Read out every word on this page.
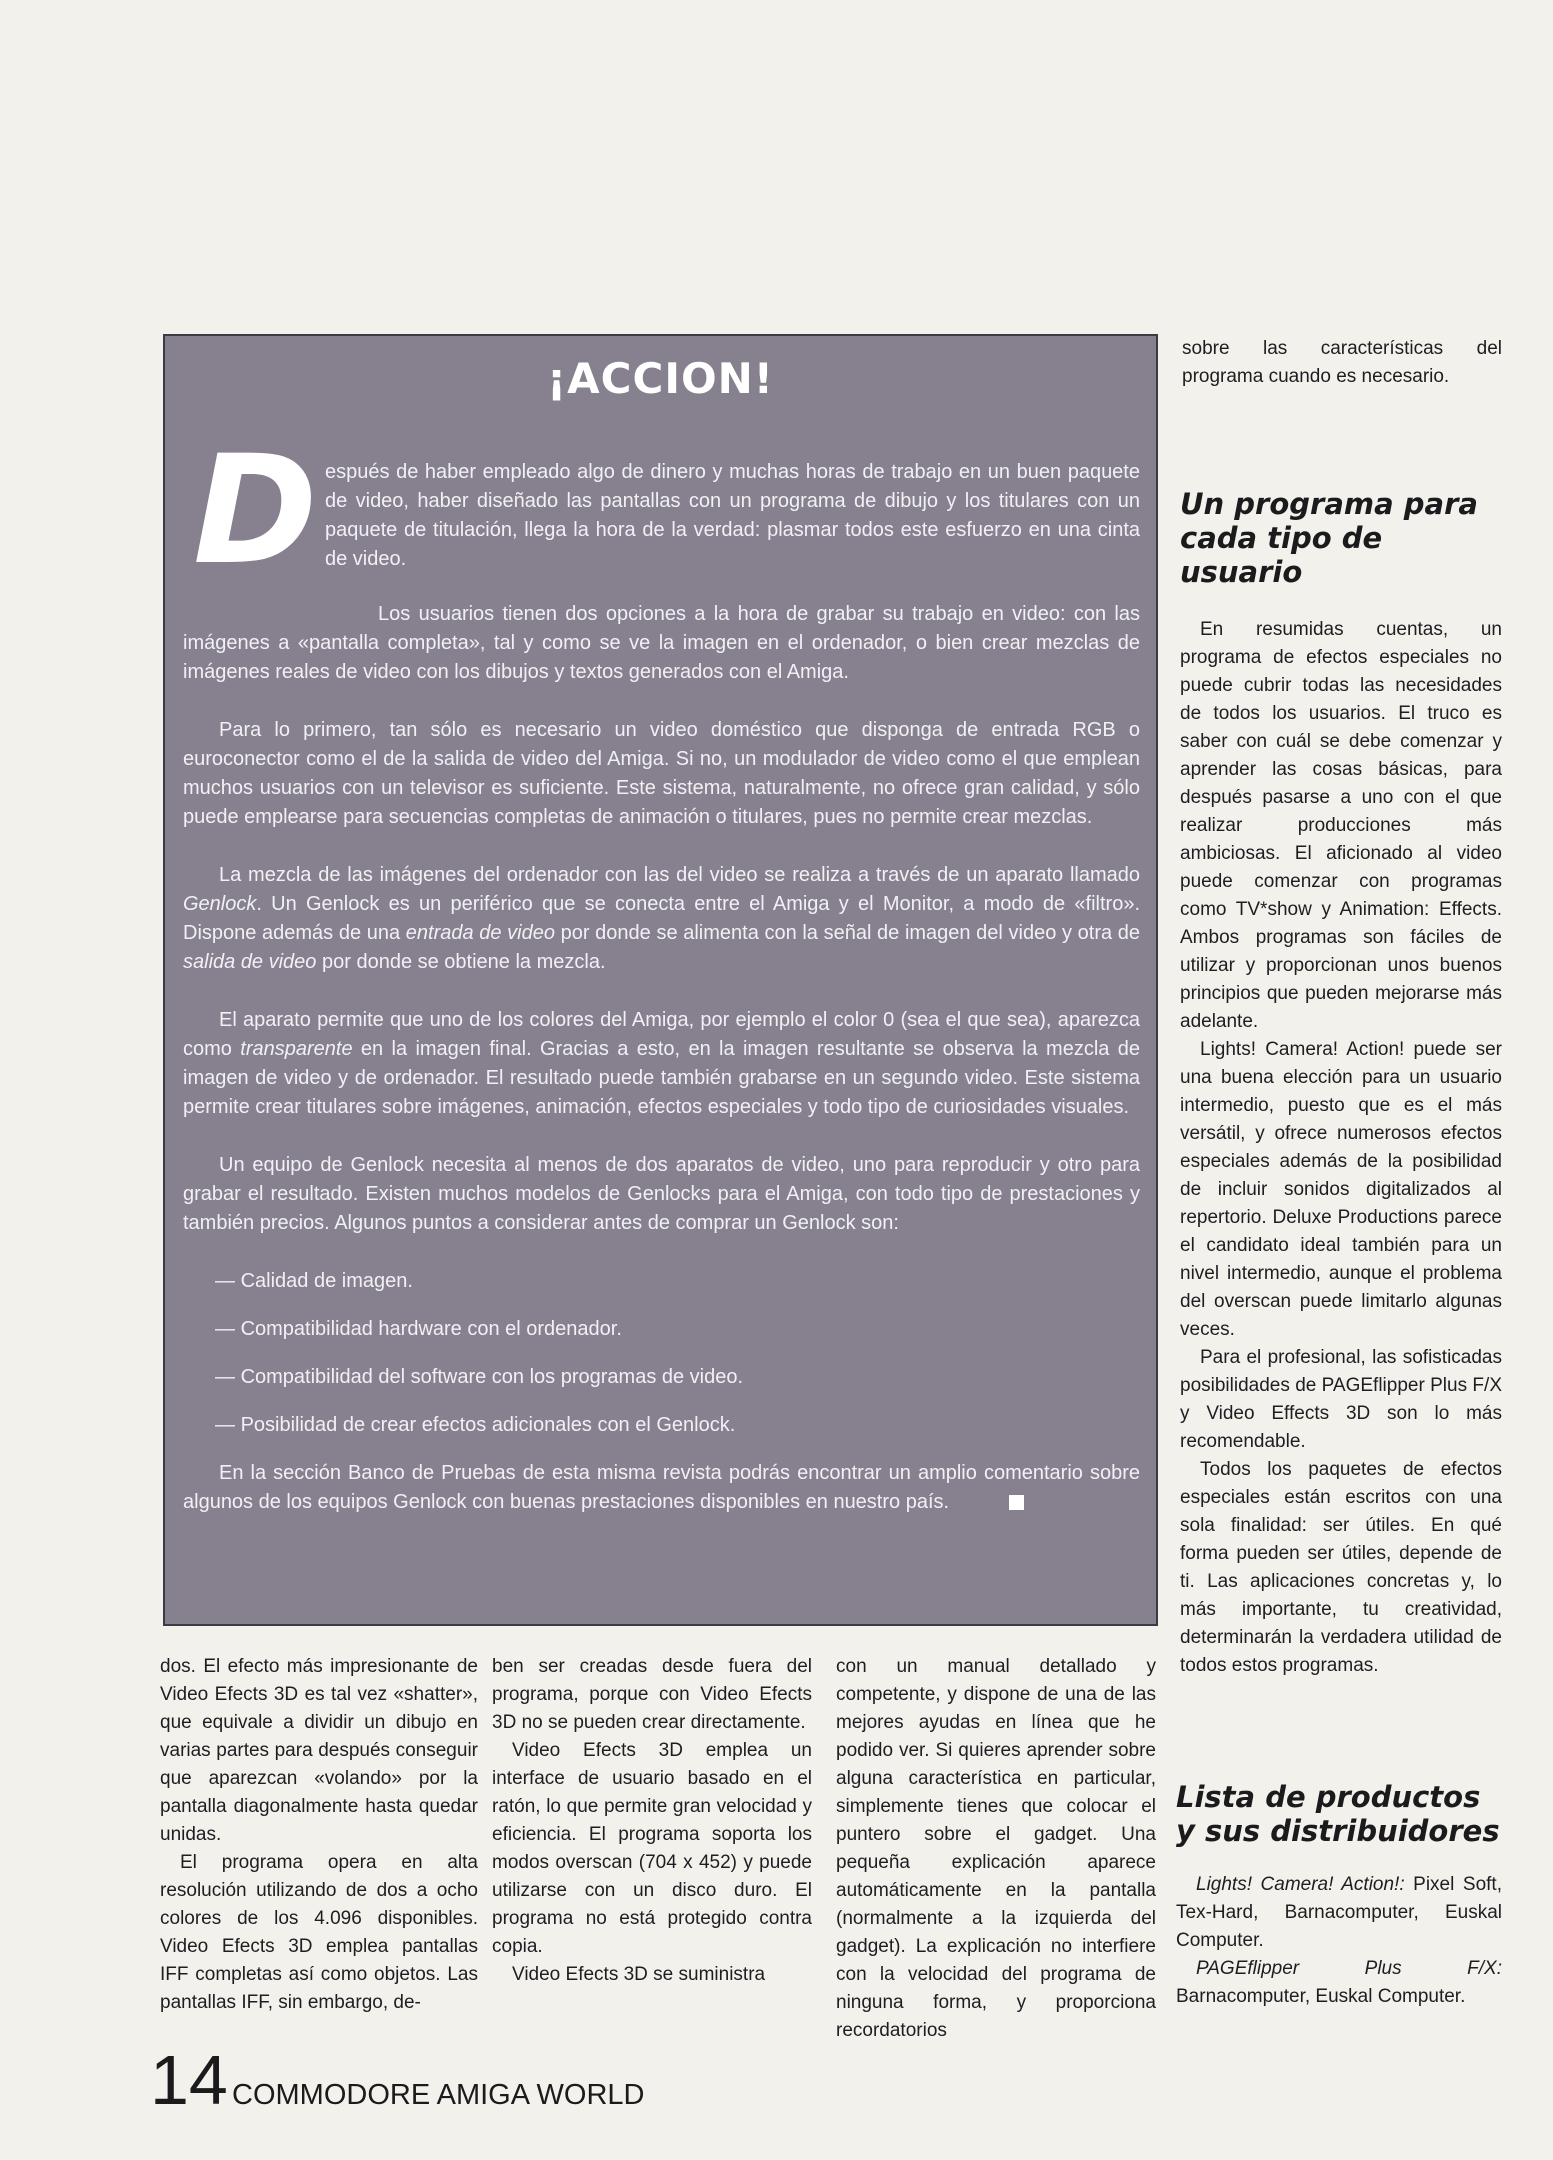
¡ACCION!
D espués de haber empleado algo de dinero y muchas horas de trabajo en un buen paquete de video, haber diseñado las pantallas con un programa de dibujo y los titulares con un paquete de titulación, llega la hora de la verdad: plasmar todos este esfuerzo en una cinta de video.

Los usuarios tienen dos opciones a la hora de grabar su trabajo en video: con las imágenes a «pantalla completa», tal y como se ve la imagen en el ordenador, o bien crear mezclas de imágenes reales de video con los dibujos y textos generados con el Amiga.

Para lo primero, tan sólo es necesario un video doméstico que disponga de entrada RGB o euroconector como el de la salida de video del Amiga. Si no, un modulador de video como el que emplean muchos usuarios con un televisor es suficiente. Este sistema, naturalmente, no ofrece gran calidad, y sólo puede emplearse para secuencias completas de animación o titulares, pues no permite crear mezclas.

La mezcla de las imágenes del ordenador con las del video se realiza a través de un aparato llamado Genlock. Un Genlock es un periférico que se conecta entre el Amiga y el Monitor, a modo de «filtro». Dispone además de una entrada de video por donde se alimenta con la señal de imagen del video y otra de salida de video por donde se obtiene la mezcla.

El aparato permite que uno de los colores del Amiga, por ejemplo el color 0 (sea el que sea), aparezca como transparente en la imagen final. Gracias a esto, en la imagen resultante se observa la mezcla de imagen de video y de ordenador. El resultado puede también grabarse en un segundo video. Este sistema permite crear titulares sobre imágenes, animación, efectos especiales y todo tipo de curiosidades visuales.

Un equipo de Genlock necesita al menos de dos aparatos de video, uno para reproducir y otro para grabar el resultado. Existen muchos modelos de Genlocks para el Amiga, con todo tipo de prestaciones y también precios. Algunos puntos a considerar antes de comprar un Genlock son:

— Calidad de imagen.
— Compatibilidad hardware con el ordenador.
— Compatibilidad del software con los programas de video.
— Posibilidad de crear efectos adicionales con el Genlock.

En la sección Banco de Pruebas de esta misma revista podrás encontrar un amplio comentario sobre algunos de los equipos Genlock con buenas prestaciones disponibles en nuestro país.

dos. El efecto más impresionante de Video Efects 3D es tal vez «shatter», que equivale a dividir un dibujo en varias partes para después conseguir que aparezcan «volando» por la pantalla diagonalmente hasta quedar unidas.

El programa opera en alta resolución utilizando de dos a ocho colores de los 4.096 disponibles. Video Efects 3D emplea pantallas IFF completas así como objetos. Las pantallas IFF, sin embargo, de-

ben ser creadas desde fuera del programa, porque con Video Efects 3D no se pueden crear directamente.

Video Efects 3D emplea un interface de usuario basado en el ratón, lo que permite gran velocidad y eficiencia. El programa soporta los modos overscan (704 x 452) y puede utilizarse con un disco duro. El programa no está protegido contra copia.

Video Efects 3D se suministra

con un manual detallado y competente, y dispone de una de las mejores ayudas en línea que he podido ver. Si quieres aprender sobre alguna característica en particular, simplemente tienes que colocar el puntero sobre el gadget. Una pequeña explicación aparece automáticamente en la pantalla (normalmente a la izquierda del gadget). La explicación no interfiere con la velocidad del programa de ninguna forma, y proporciona recordatorios

sobre las características del programa cuando es necesario.

Un programa para cada tipo de usuario

En resumidas cuentas, un programa de efectos especiales no puede cubrir todas las necesidades de todos los usuarios. El truco es saber con cuál se debe comenzar y aprender las cosas básicas, para después pasarse a uno con el que realizar producciones más ambiciosas. El aficionado al video puede comenzar con programas como TV*show y Animation: Effects. Ambos programas son fáciles de utilizar y proporcionan unos buenos principios que pueden mejorarse más adelante.

Lights! Camera! Action! puede ser una buena elección para un usuario intermedio, puesto que es el más versátil, y ofrece numerosos efectos especiales además de la posibilidad de incluir sonidos digitalizados al repertorio. Deluxe Productions parece el candidato ideal también para un nivel intermedio, aunque el problema del overscan puede limitarlo algunas veces.

Para el profesional, las sofisticadas posibilidades de PAGEflipper Plus F/X y Video Effects 3D son lo más recomendable.

Todos los paquetes de efectos especiales están escritos con una sola finalidad: ser útiles. En qué forma pueden ser útiles, depende de ti. Las aplicaciones concretas y, lo más importante, tu creatividad, determinarán la verdadera utilidad de todos estos programas.

Lista de productos y sus distribuidores

Lights! Camera! Action!: Pixel Soft, Tex-Hard, Barnacomputer, Euskal Computer.

PAGEflipper Plus F/X: Barnacomputer, Euskal Computer.

14 COMMODORE AMIGA WORLD
